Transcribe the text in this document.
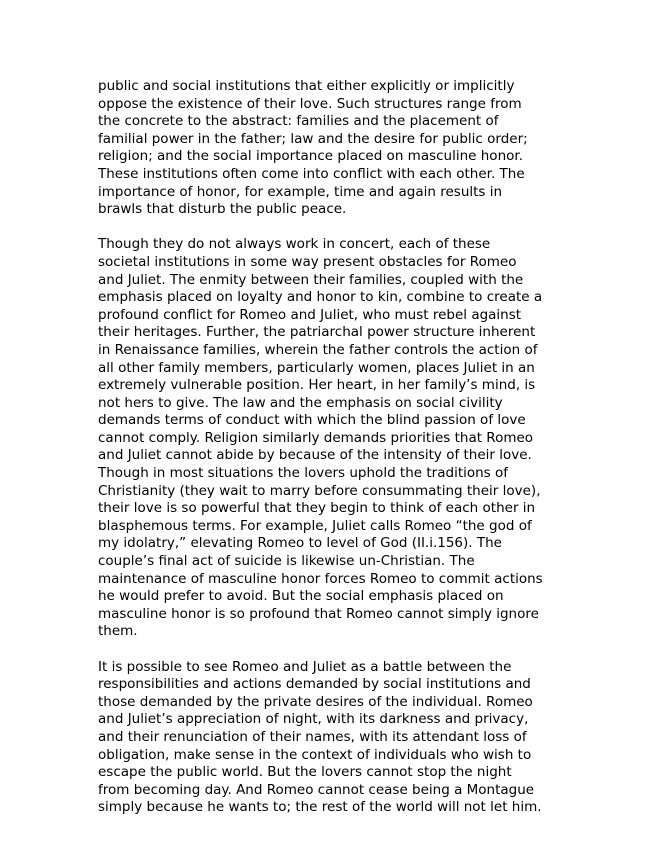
public and social institutions that either explicitly or implicitly
oppose the existence of their love. Such structures range from
the concrete to the abstract: families and the placement of
familial power in the father; law and the desire for public order;
religion; and the social importance placed on masculine honor.
These institutions often come into conflict with each other. The
importance of honor, for example, time and again results in
brawls that disturb the public peace.

Though they do not always work in concert, each of these
societal institutions in some way present obstacles for Romeo
and Juliet. The enmity between their families, coupled with the
emphasis placed on loyalty and honor to kin, combine to create a
profound conflict for Romeo and Juliet, who must rebel against
their heritages. Further, the patriarchal power structure inherent
in Renaissance families, wherein the father controls the action of
all other family members, particularly women, places Juliet in an
extremely vulnerable position. Her heart, in her family’s mind, is
not hers to give. The law and the emphasis on social civility
demands terms of conduct with which the blind passion of love
cannot comply. Religion similarly demands priorities that Romeo
and Juliet cannot abide by because of the intensity of their love.
Though in most situations the lovers uphold the traditions of
Christianity (they wait to marry before consummating their love),
their love is so powerful that they begin to think of each other in
blasphemous terms. For example, Juliet calls Romeo “the god of
my idolatry,” elevating Romeo to level of God (II.i.156). The
couple’s final act of suicide is likewise un-Christian. The
maintenance of masculine honor forces Romeo to commit actions
he would prefer to avoid. But the social emphasis placed on
masculine honor is so profound that Romeo cannot simply ignore
them.

It is possible to see Romeo and Juliet as a battle between the
responsibilities and actions demanded by social institutions and
those demanded by the private desires of the individual. Romeo
and Juliet’s appreciation of night, with its darkness and privacy,
and their renunciation of their names, with its attendant loss of
obligation, make sense in the context of individuals who wish to
escape the public world. But the lovers cannot stop the night
from becoming day. And Romeo cannot cease being a Montague
simply because he wants to; the rest of the world will not let him.
